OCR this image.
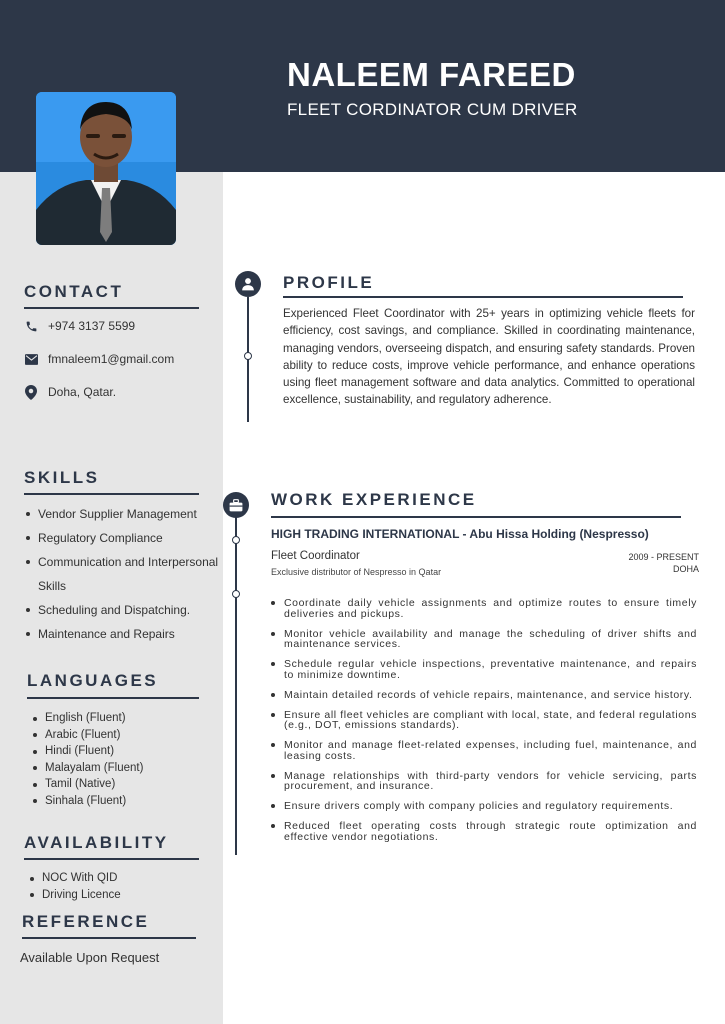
NALEEM FAREED
FLEET CORDINATOR CUM DRIVER
CONTACT
+974 3137 5599
fmnaleem1@gmail.com
Doha, Qatar.
SKILLS
Vendor Supplier Management
Regulatory Compliance
Communication and Interpersonal Skills
Scheduling and Dispatching.
Maintenance and Repairs
LANGUAGES
English (Fluent)
Arabic (Fluent)
Hindi (Fluent)
Malayalam (Fluent)
Tamil (Native)
Sinhala (Fluent)
AVAILABILITY
NOC With QID
Driving Licence
REFERENCE
Available Upon Request
PROFILE
Experienced Fleet Coordinator with 25+ years in optimizing vehicle fleets for efficiency, cost savings, and compliance. Skilled in coordinating maintenance, managing vendors, overseeing dispatch, and ensuring safety standards. Proven ability to reduce costs, improve vehicle performance, and enhance operations using fleet management software and data analytics. Committed to operational excellence, sustainability, and regulatory adherence.
WORK EXPERIENCE
HIGH TRADING INTERNATIONAL - Abu Hissa Holding (Nespresso)
Fleet Coordinator
Exclusive distributor of Nespresso in Qatar
2009 - PRESENT
DOHA
Coordinate daily vehicle assignments and optimize routes to ensure timely deliveries and pickups.
Monitor vehicle availability and manage the scheduling of driver shifts and maintenance services.
Schedule regular vehicle inspections, preventative maintenance, and repairs to minimize downtime.
Maintain detailed records of vehicle repairs, maintenance, and service history.
Ensure all fleet vehicles are compliant with local, state, and federal regulations (e.g., DOT, emissions standards).
Monitor and manage fleet-related expenses, including fuel, maintenance, and leasing costs.
Manage relationships with third-party vendors for vehicle servicing, parts procurement, and insurance.
Ensure drivers comply with company policies and regulatory requirements.
Reduced fleet operating costs through strategic route optimization and effective vendor negotiations.
